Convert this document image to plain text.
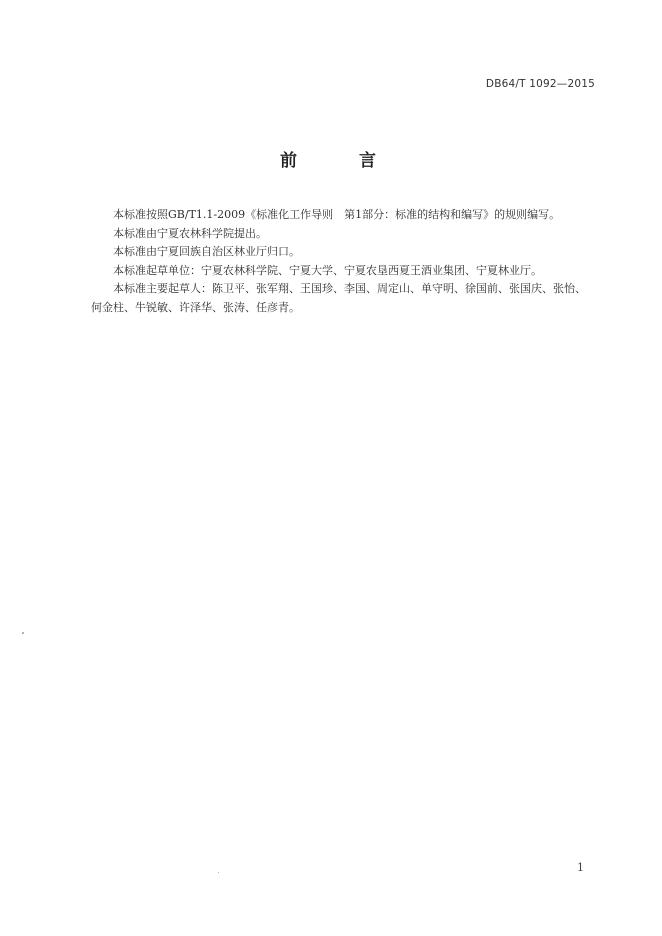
DB64/T 1092—2015
前 言

本标准按照GB/T1.1-2009《标准化工作导则　第1部分：标准的结构和编写》的规则编写。

本标准由宁夏农林科学院提出。

本标准由宁夏回族自治区林业厅归口。

本标准起草单位：宁夏农林科学院、宁夏大学、宁夏农垦西夏王酒业集团、宁夏林业厅。

本标准主要起草人：陈卫平、张军翔、王国珍、李国、周定山、单守明、徐国前、张国庆、张怡、
何金柱、牛锐敏、许泽华、张涛、任彦青。

1
